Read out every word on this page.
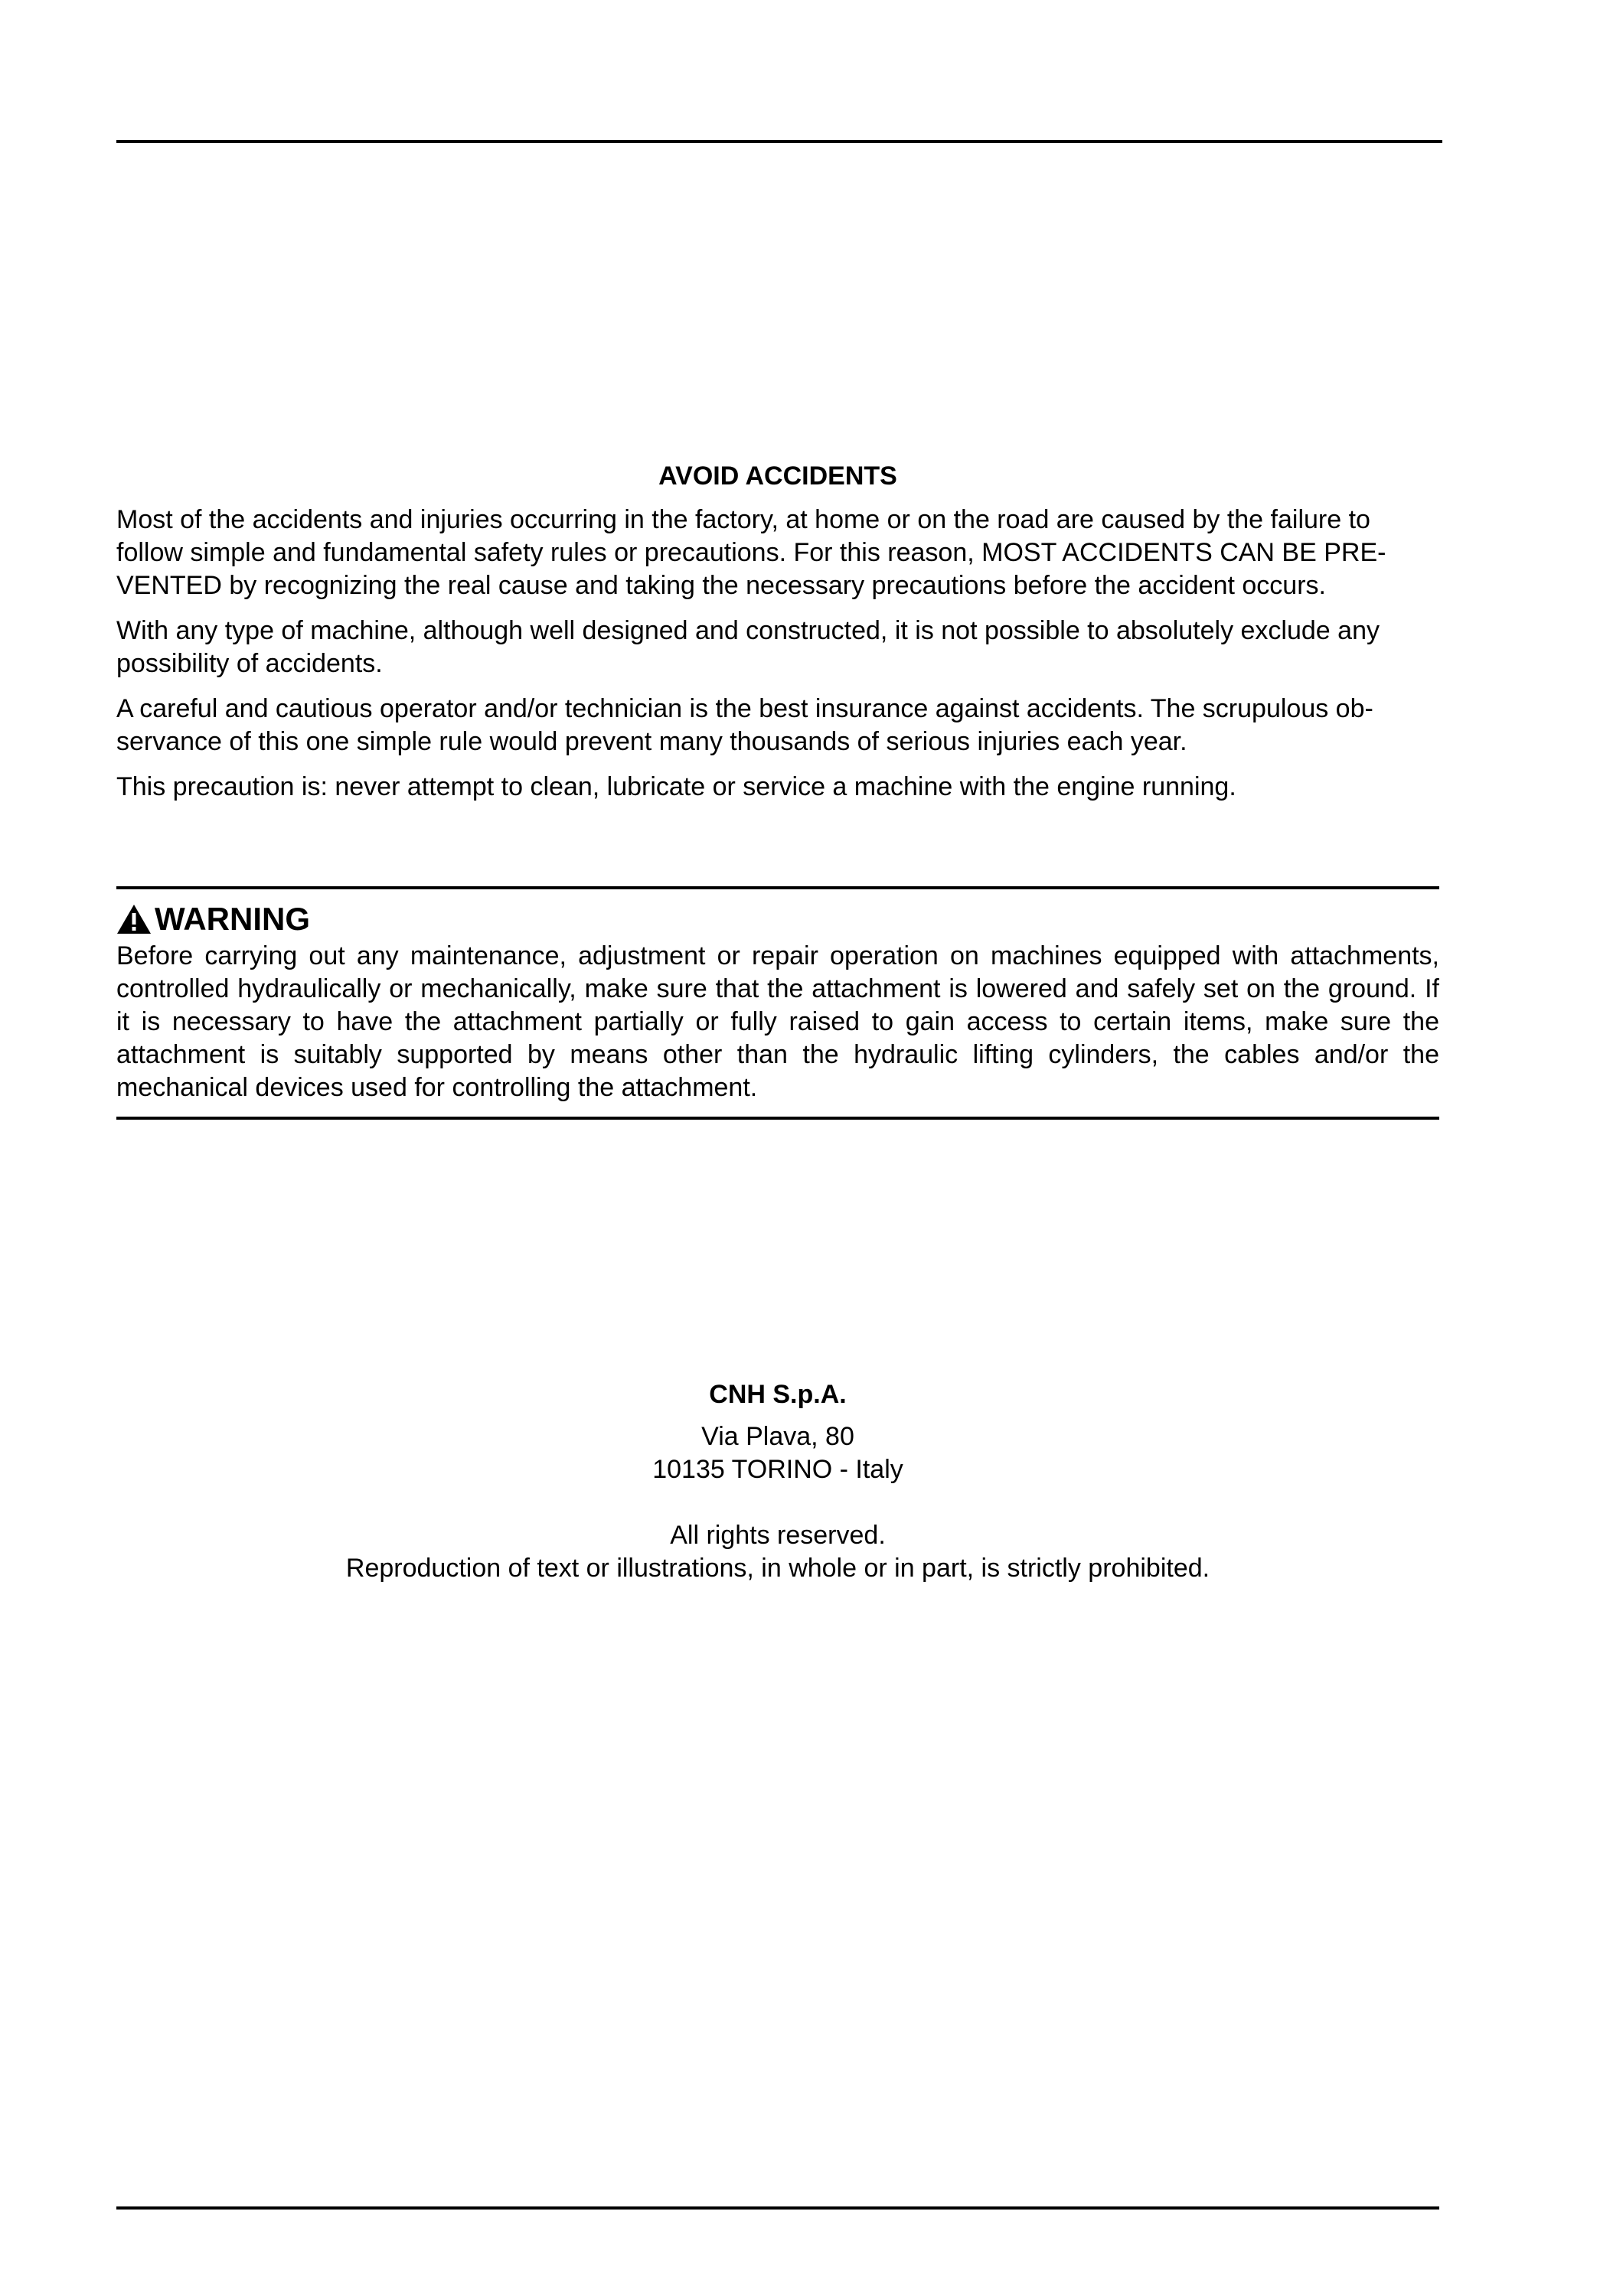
AVOID ACCIDENTS

Most of the accidents and injuries occurring in the factory, at home or on the road are caused by the failure to follow simple and fundamental safety rules or precautions. For this reason, MOST ACCIDENTS CAN BE PRE-VENTED by recognizing the real cause and taking the necessary precautions before the accident occurs.

With any type of machine, although well designed and constructed, it is not possible to absolutely exclude any possibility of accidents.

A careful and cautious operator and/or technician is the best insurance against accidents. The scrupulous ob-servance of this one simple rule would prevent many thousands of serious injuries each year.

This precaution is: never attempt to clean, lubricate or service a machine with the engine running.

WARNING

Before carrying out any maintenance, adjustment or repair operation on machines equipped with attachments, controlled hydraulically or mechanically, make sure that the attachment is lowered and safely set on the ground. If it is necessary to have the attachment partially or fully raised to gain access to certain items, make sure the attachment is suitably supported by means other than the hydraulic lifting cylinders, the cables and/or the mechanical devices used for controlling the attachment.

CNH S.p.A.
Via Plava, 80
10135 TORINO - Italy
All rights reserved.
Reproduction of text or illustrations, in whole or in part, is strictly prohibited.
